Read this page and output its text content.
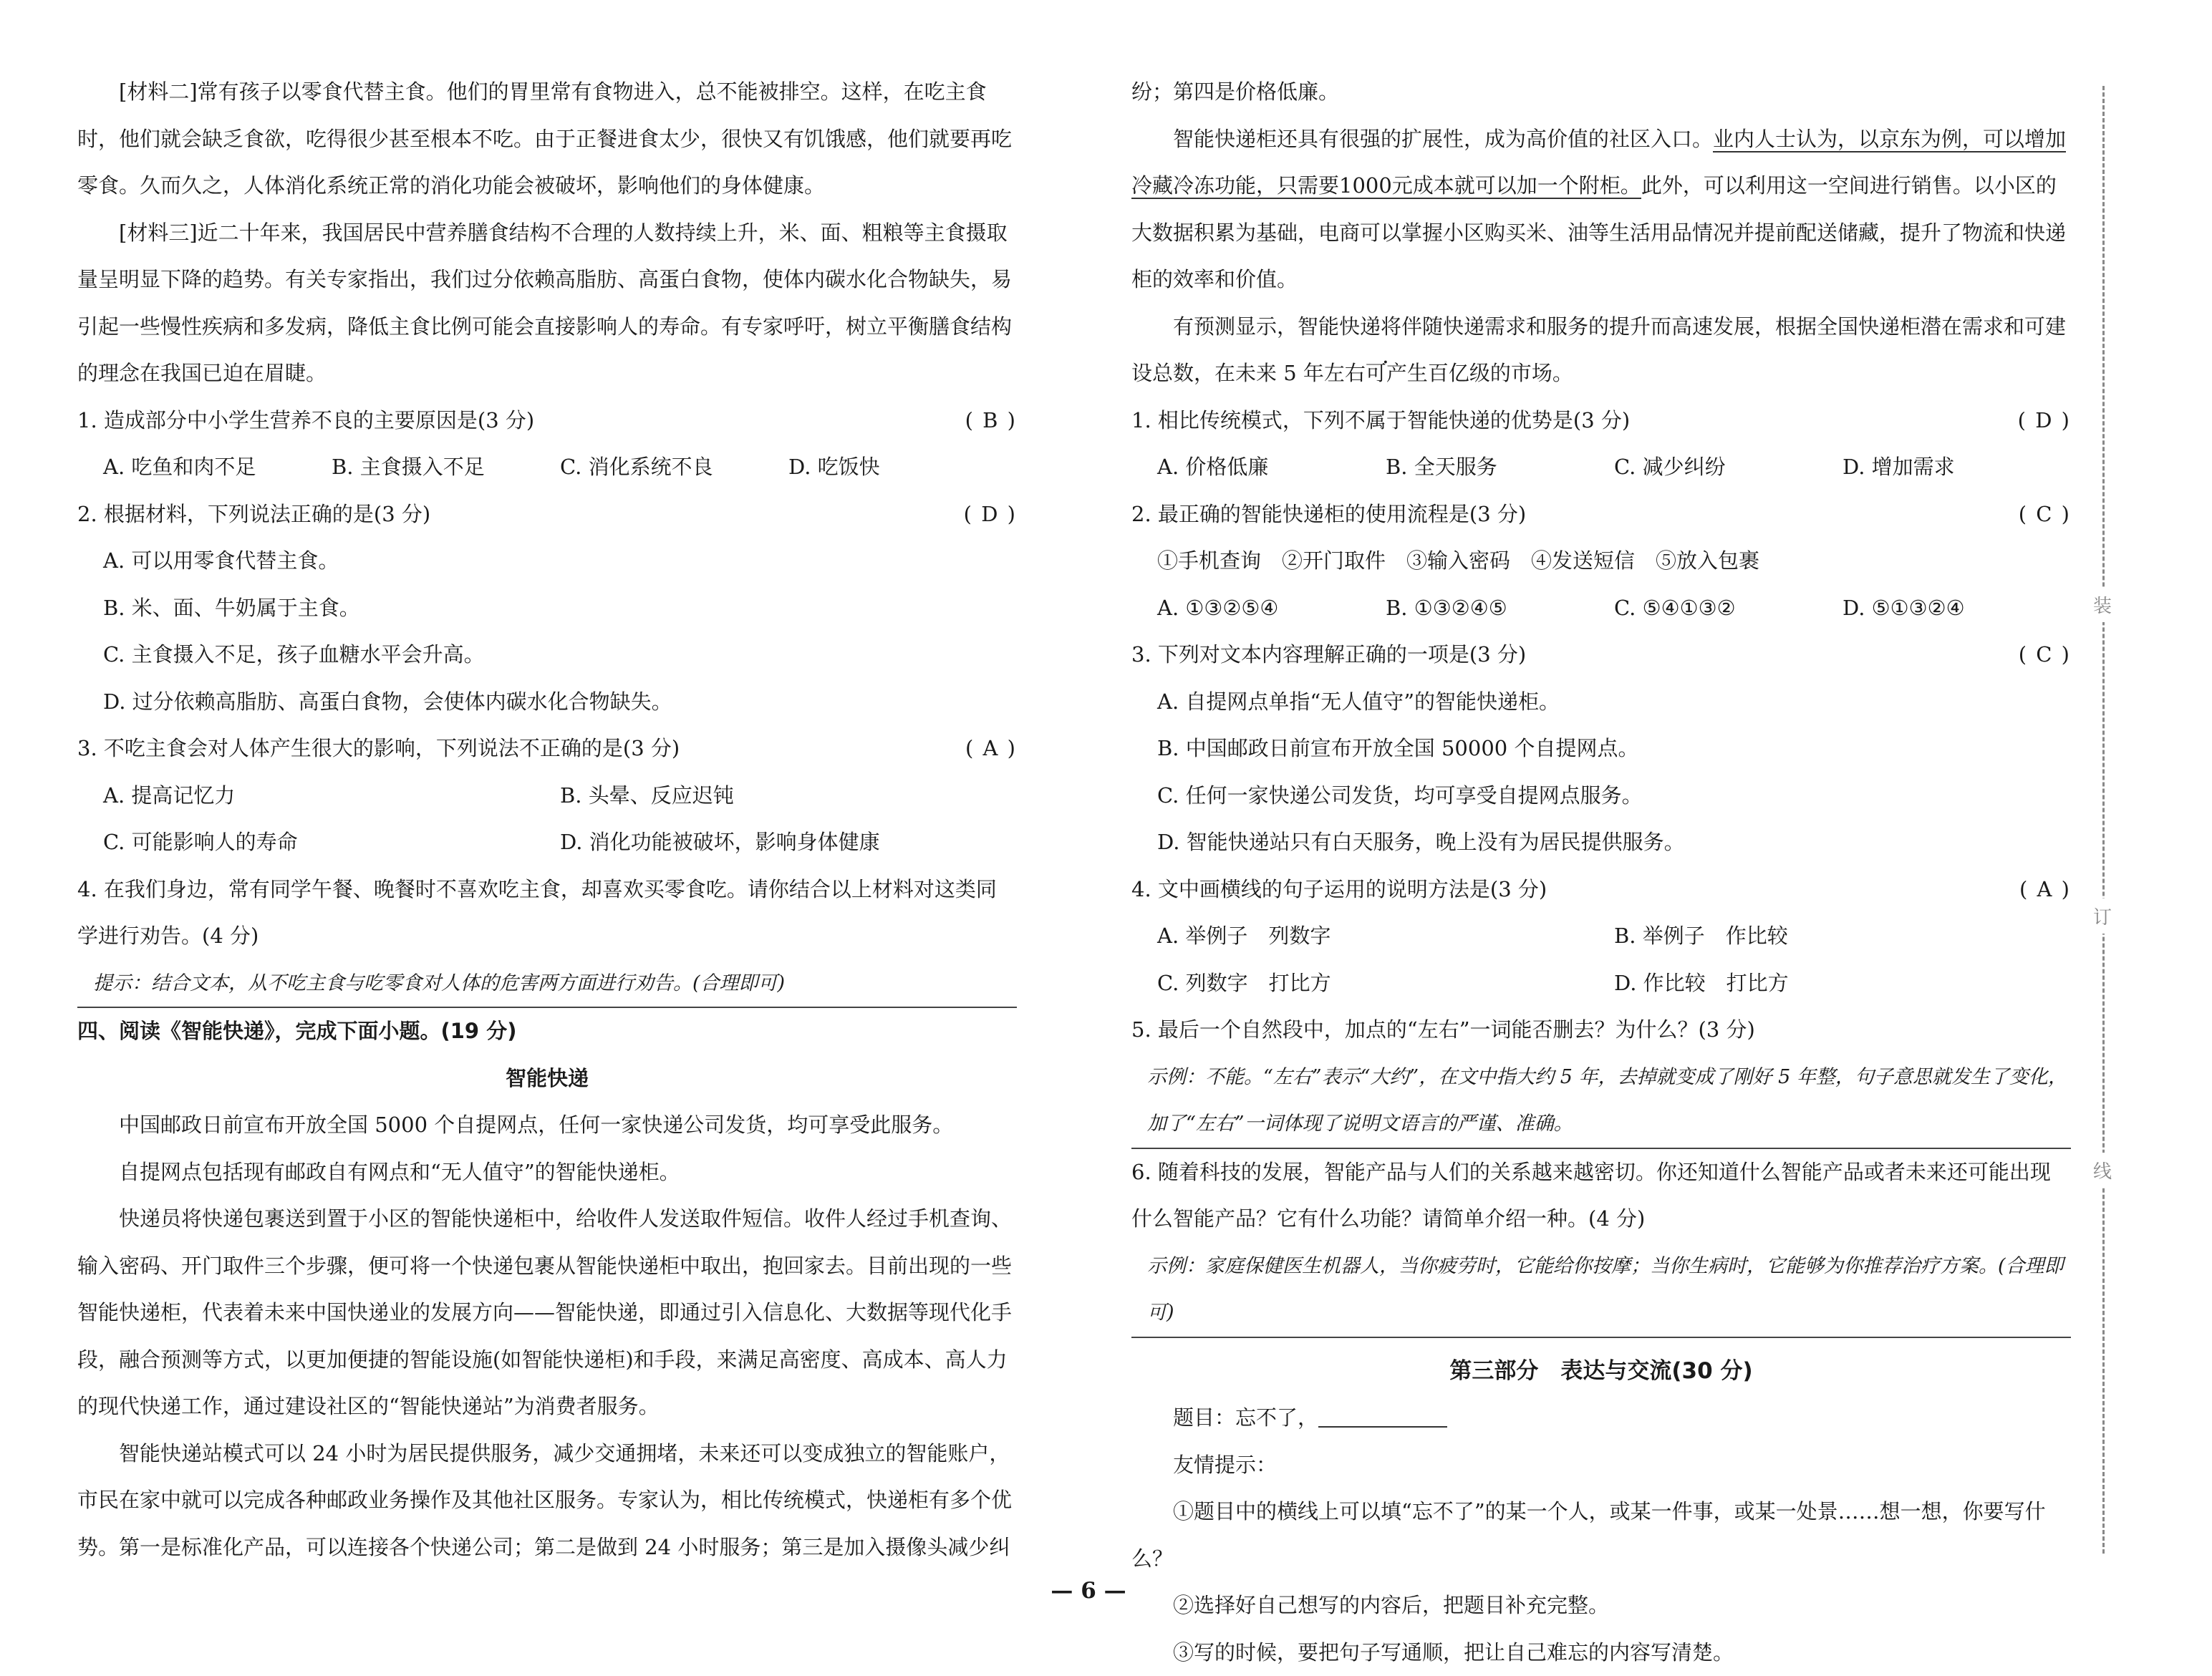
[材料二]常有孩子以零食代替主食。他们的胃里常有食物进入，总不能被排空。这样，在吃主食时，他们就会缺乏食欲，吃得很少甚至根本不吃。由于正餐进食太少，很快又有饥饿感，他们就要再吃零食。久而久之，人体消化系统正常的消化功能会被破坏，影响他们的身体健康。

[材料三]近二十年来，我国居民中营养膳食结构不合理的人数持续上升，米、面、粗粮等主食摄取量呈明显下降的趋势。有关专家指出，我们过分依赖高脂肪、高蛋白食物，使体内碳水化合物缺失，易引起一些慢性疾病和多发病，降低主食比例可能会直接影响人的寿命。有专家呼吁，树立平衡膳食结构的理念在我国已迫在眉睫。

1. 造成部分中小学生营养不良的主要原因是(3 分)	( B )
A. 吃鱼和肉不足	B. 主食摄入不足	C. 消化系统不良	D. 吃饭快
2. 根据材料，下列说法正确的是(3 分)	( D )

A. 可以用零食代替主食。

B. 米、面、牛奶属于主食。

C. 主食摄入不足，孩子血糖水平会升高。

D. 过分依赖高脂肪、高蛋白食物，会使体内碳水化合物缺失。

3. 不吃主食会对人体产生很大的影响，下列说法不正确的是(3 分)	( A )
A. 提高记忆力	B. 头晕、反应迟钝
C. 可能影响人的寿命	D. 消化功能被破坏，影响身体健康

4. 在我们身边，常有同学午餐、晚餐时不喜欢吃主食，却喜欢买零食吃。请你结合以上材料对这类同学进行劝告。(4 分)

提示：结合文本，从不吃主食与吃零食对人体的危害两方面进行劝告。(合理即可)

四、阅读《智能快递》，完成下面小题。(19 分)

智能快递

中国邮政日前宣布开放全国 5000 个自提网点，任何一家快递公司发货，均可享受此服务。

自提网点包括现有邮政自有网点和“无人值守”的智能快递柜。

快递员将快递包裹送到置于小区的智能快递柜中，给收件人发送取件短信。收件人经过手机查询、输入密码、开门取件三个步骤，便可将一个快递包裹从智能快递柜中取出，抱回家去。目前出现的一些智能快递柜，代表着未来中国快递业的发展方向——智能快递，即通过引入信息化、大数据等现代化手段，融合预测等方式，以更加便捷的智能设施(如智能快递柜)和手段，来满足高密度、高成本、高人力的现代快递工作，通过建设社区的“智能快递站”为消费者服务。

智能快递站模式可以 24 小时为居民提供服务，减少交通拥堵，未来还可以变成独立的智能账户，市民在家中就可以完成各种邮政业务操作及其他社区服务。专家认为，相比传统模式，快递柜有多个优势。第一是标准化产品，可以连接各个快递公司；第二是做到 24 小时服务；第三是加入摄像头减少纠

纷；第四是价格低廉。

智能快递柜还具有很强的扩展性，成为高价值的社区入口。业内人士认为，以京东为例，可以增加冷藏冷冻功能，只需要1000元成本就可以加一个附柜。此外，可以利用这一空间进行销售。以小区的大数据积累为基础，电商可以掌握小区购买米、油等生活用品情况并提前配送储藏，提升了物流和快递柜的效率和价值。

有预测显示，智能快递将伴随快递需求和服务的提升而高速发展，根据全国快递柜潜在需求和可建设总数，在未来 5 年左右可产生百亿级的市场。

1. 相比传统模式，下列不属于智能快递的优势是(3 分)	( D )
A. 价格低廉	B. 全天服务	C. 减少纠纷	D. 增加需求
2. 最正确的智能快递柜的使用流程是(3 分)	( C )

①手机查询　②开门取件　③输入密码　④发送短信　⑤放入包裹

A. ①③②⑤④	B. ①③②④⑤	C. ⑤④①③②	D. ⑤①③②④
3. 下列对文本内容理解正确的一项是(3 分)	( C )

A. 自提网点单指“无人值守”的智能快递柜。

B. 中国邮政日前宣布开放全国 50000 个自提网点。

C. 任何一家快递公司发货，均可享受自提网点服务。

D. 智能快递站只有白天服务，晚上没有为居民提供服务。

4. 文中画横线的句子运用的说明方法是(3 分)	( A )
A. 举例子　列数字	B. 举例子　作比较
C. 列数字　打比方	D. 作比较　打比方

5. 最后一个自然段中，加点的“左右”一词能否删去？为什么？(3 分)

示例：不能。“左右”表示“大约”，在文中指大约 5 年，去掉就变成了刚好 5 年整，句子意思就发生了变化，加了“左右”一词体现了说明文语言的严谨、准确。

6. 随着科技的发展，智能产品与人们的关系越来越密切。你还知道什么智能产品或者未来还可能出现什么智能产品？它有什么功能？请简单介绍一种。(4 分)

示例：家庭保健医生机器人，当你疲劳时，它能给你按摩；当你生病时，它能够为你推荐治疗方案。(合理即可)

第三部分　表达与交流(30 分)

题目：忘不了，

友情提示：

①题目中的横线上可以填“忘不了”的某一个人，或某一件事，或某一处景……想一想，你要写什么？

②选择好自己想写的内容后，把题目补充完整。

③写的时候，要把句子写通顺，把让自己难忘的内容写清楚。

装
订
线
— 6 —
